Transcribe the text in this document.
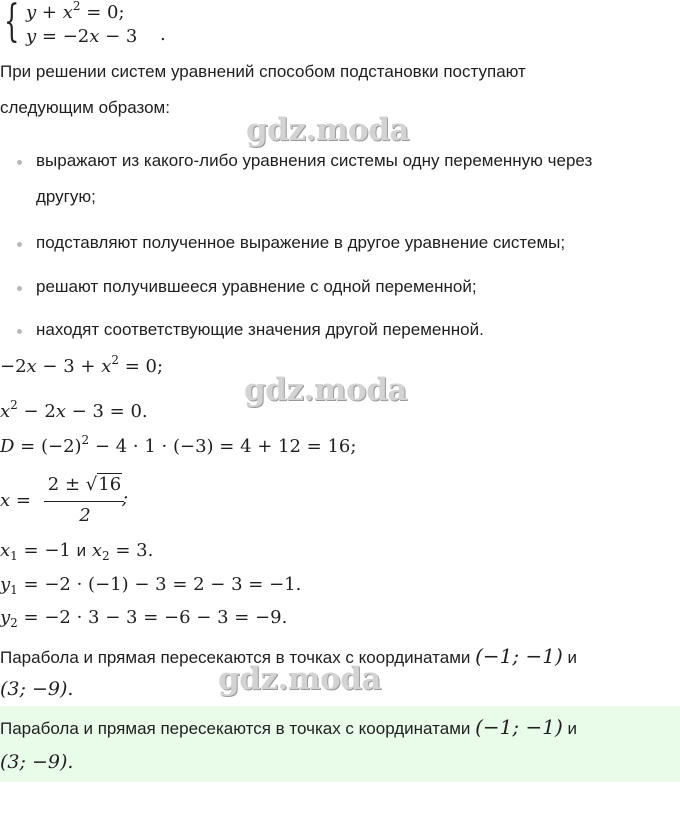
{ $y + x^2 = 0$;
y = −2x − 3 .
При решении систем уравнений способом подстановки поступают
следующим образом:
gdz.moda
выражают из какого-либо уравнения системы одну переменную через
другую;
подставляют полученное выражение в другое уравнение системы;
решают получившееся уравнение с одной переменной;
находят соответствующие значения другой переменной.
$-2x - 3 + x^2 = 0$;
gdz.moda
$x^2 - 2x - 3 = 0$.
$D = (-2)^2 - 4 \cdot 1 \cdot (-3) = 4 + 12 = 16$;
x =
2 ± √16
2
;
$x_1 = -1$ и $x_2 = 3$.
$y_1 = -2 \cdot (-1) - 3 = 2 - 3 = -1$.
$y_2 = -2 \cdot 3 - 3 = -6 - 3 = -9$.
Парабола и прямая пересекаются в точках с координатами (−1; −1) и
(3; −9).	gdz.moda
Парабола и прямая пересекаются в точках с координатами (−1; −1) и
(3; −9).
